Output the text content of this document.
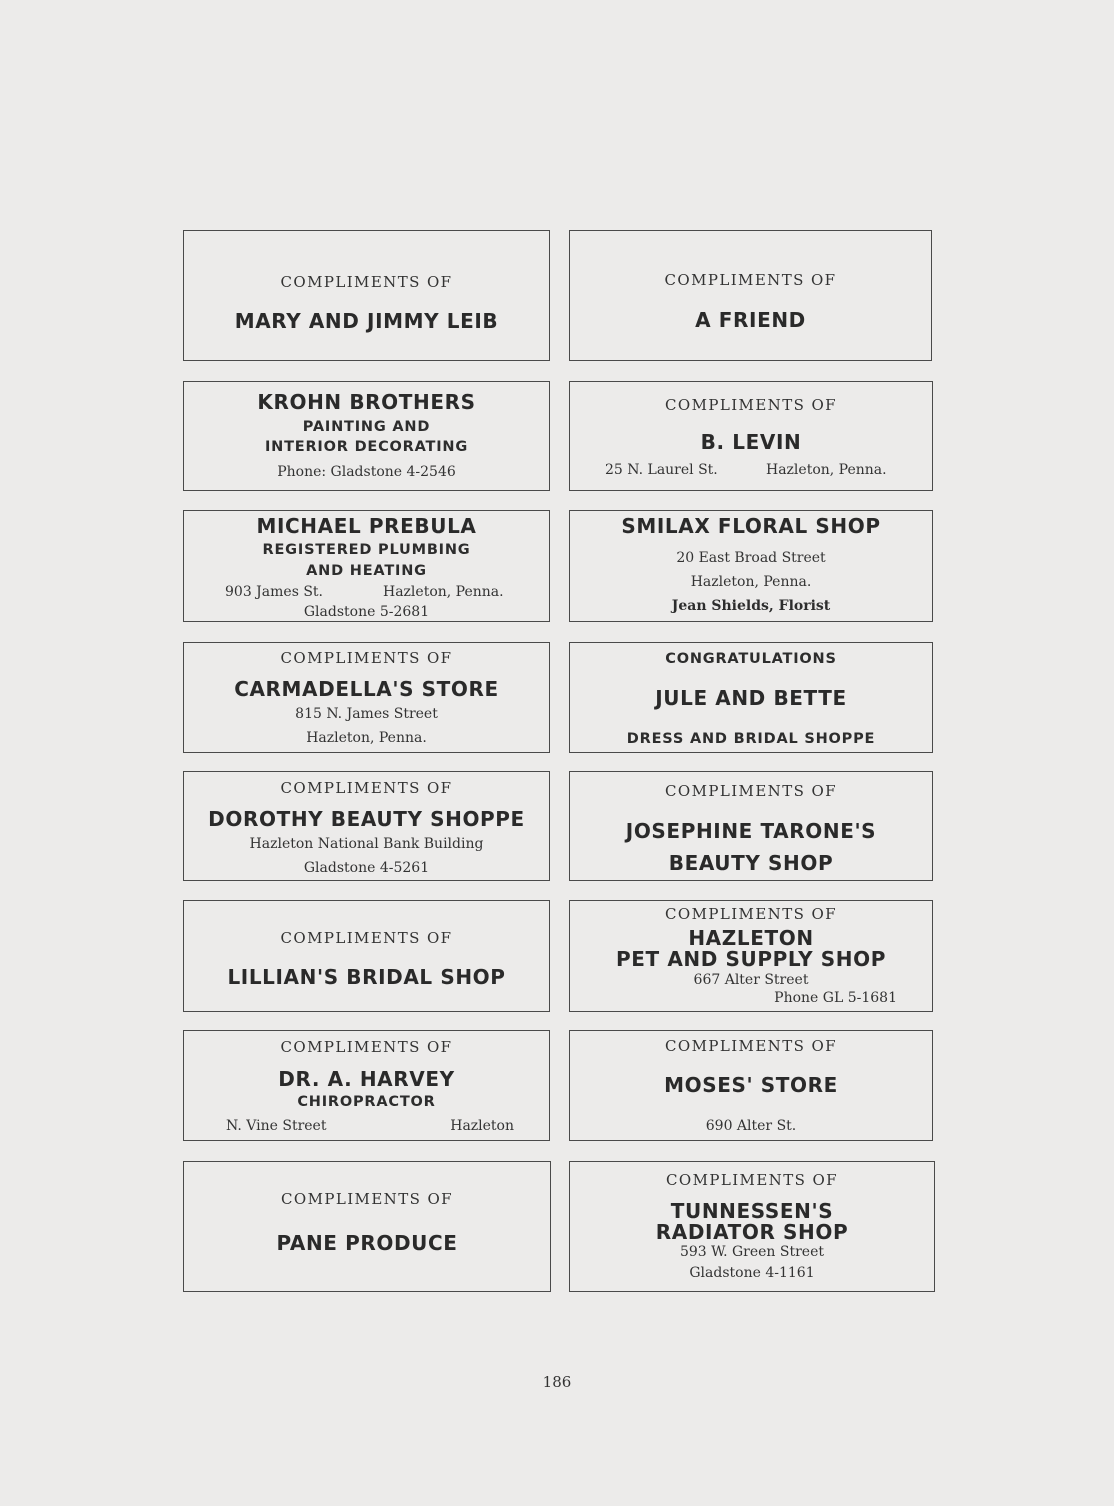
COMPLIMENTS OF
MARY AND JIMMY LEIB
COMPLIMENTS OF
A FRIEND
KROHN BROTHERS
PAINTING AND
INTERIOR DECORATING
Phone: Gladstone 4-2546
COMPLIMENTS OF
B. LEVIN
25 N. Laurel St.	Hazleton, Penna.
MICHAEL PREBULA
REGISTERED PLUMBING
AND HEATING
903 James St.	Hazleton, Penna.
Gladstone 5-2681
SMILAX FLORAL SHOP
20 East Broad Street
Hazleton, Penna.
Jean Shields, Florist
COMPLIMENTS OF
CARMADELLA'S STORE
815 N. James Street
Hazleton, Penna.
CONGRATULATIONS
JULE AND BETTE
DRESS AND BRIDAL SHOPPE
COMPLIMENTS OF
DOROTHY BEAUTY SHOPPE
Hazleton National Bank Building
Gladstone 4-5261
COMPLIMENTS OF
JOSEPHINE TARONE'S
BEAUTY SHOP
COMPLIMENTS OF
LILLIAN'S BRIDAL SHOP
COMPLIMENTS OF
HAZLETON
PET AND SUPPLY SHOP
667 Alter Street
Phone GL 5-1681
COMPLIMENTS OF
DR. A. HARVEY
CHIROPRACTOR
N. Vine Street	Hazleton
COMPLIMENTS OF
MOSES' STORE
690 Alter St.
COMPLIMENTS OF
PANE PRODUCE
COMPLIMENTS OF
TUNNESSEN'S
RADIATOR SHOP
593 W. Green Street
Gladstone 4-1161
186
